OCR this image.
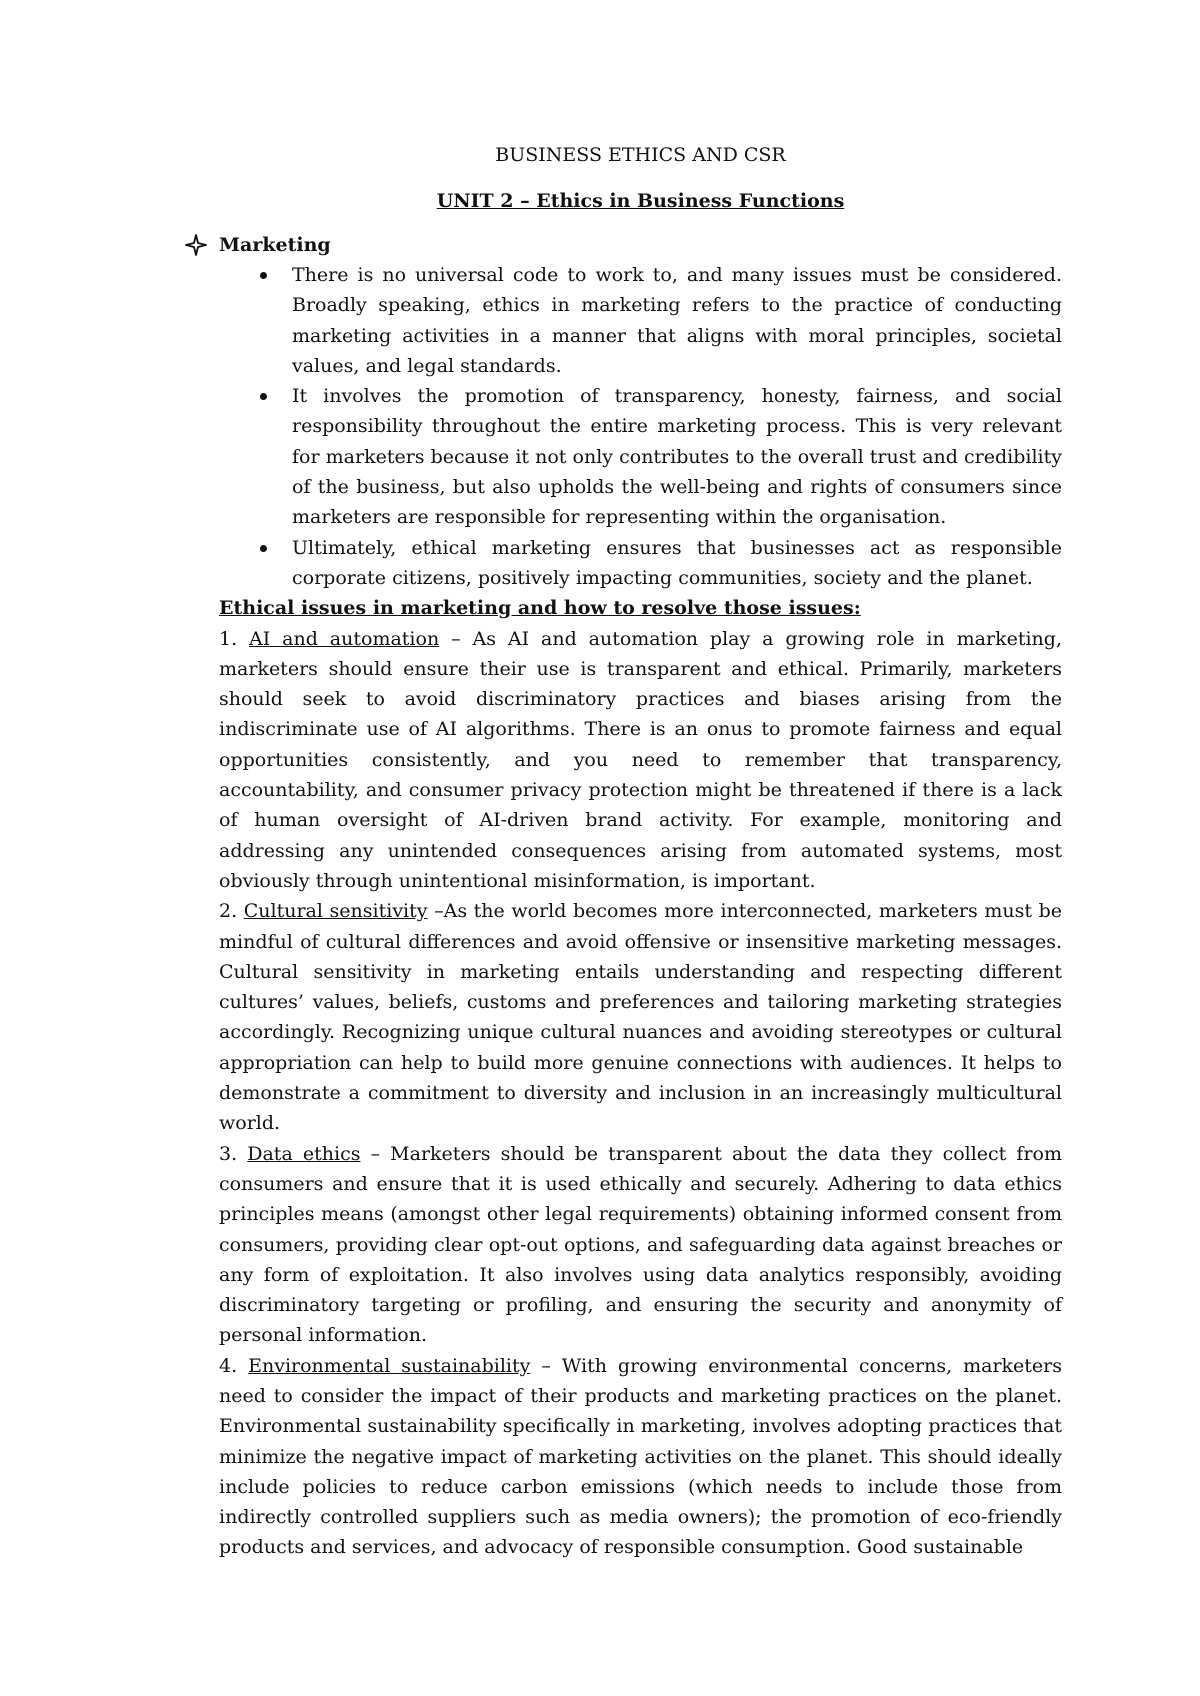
BUSINESS ETHICS AND CSR

UNIT 2 – Ethics in Business Functions

Marketing
There is no universal code to work to, and many issues must be considered. Broadly speaking, ethics in marketing refers to the practice of conducting marketing activities in a manner that aligns with moral principles, societal values, and legal standards.
It involves the promotion of transparency, honesty, fairness, and social responsibility throughout the entire marketing process. This is very relevant for marketers because it not only contributes to the overall trust and credibility of the business, but also upholds the well-being and rights of consumers since marketers are responsible for representing within the organisation.
Ultimately, ethical marketing ensures that businesses act as responsible corporate citizens, positively impacting communities, society and the planet.

Ethical issues in marketing and how to resolve those issues:

1. AI and automation – As AI and automation play a growing role in marketing, marketers should ensure their use is transparent and ethical. Primarily, marketers should seek to avoid discriminatory practices and biases arising from the indiscriminate use of AI algorithms. There is an onus to promote fairness and equal opportunities consistently, and you need to remember that transparency, accountability, and consumer privacy protection might be threatened if there is a lack of human oversight of AI-driven brand activity. For example, monitoring and addressing any unintended consequences arising from automated systems, most obviously through unintentional misinformation, is important.

2. Cultural sensitivity –As the world becomes more interconnected, marketers must be mindful of cultural differences and avoid offensive or insensitive marketing messages. Cultural sensitivity in marketing entails understanding and respecting different cultures’ values, beliefs, customs and preferences and tailoring marketing strategies accordingly. Recognizing unique cultural nuances and avoiding stereotypes or cultural appropriation can help to build more genuine connections with audiences. It helps to demonstrate a commitment to diversity and inclusion in an increasingly multicultural world.

3. Data ethics – Marketers should be transparent about the data they collect from consumers and ensure that it is used ethically and securely. Adhering to data ethics principles means (amongst other legal requirements) obtaining informed consent from consumers, providing clear opt-out options, and safeguarding data against breaches or any form of exploitation. It also involves using data analytics responsibly, avoiding discriminatory targeting or profiling, and ensuring the security and anonymity of personal information.

4. Environmental sustainability – With growing environmental concerns, marketers need to consider the impact of their products and marketing practices on the planet. Environmental sustainability specifically in marketing, involves adopting practices that minimize the negative impact of marketing activities on the planet. This should ideally include policies to reduce carbon emissions (which needs to include those from indirectly controlled suppliers such as media owners); the promotion of eco-friendly products and services, and advocacy of responsible consumption. Good sustainable
